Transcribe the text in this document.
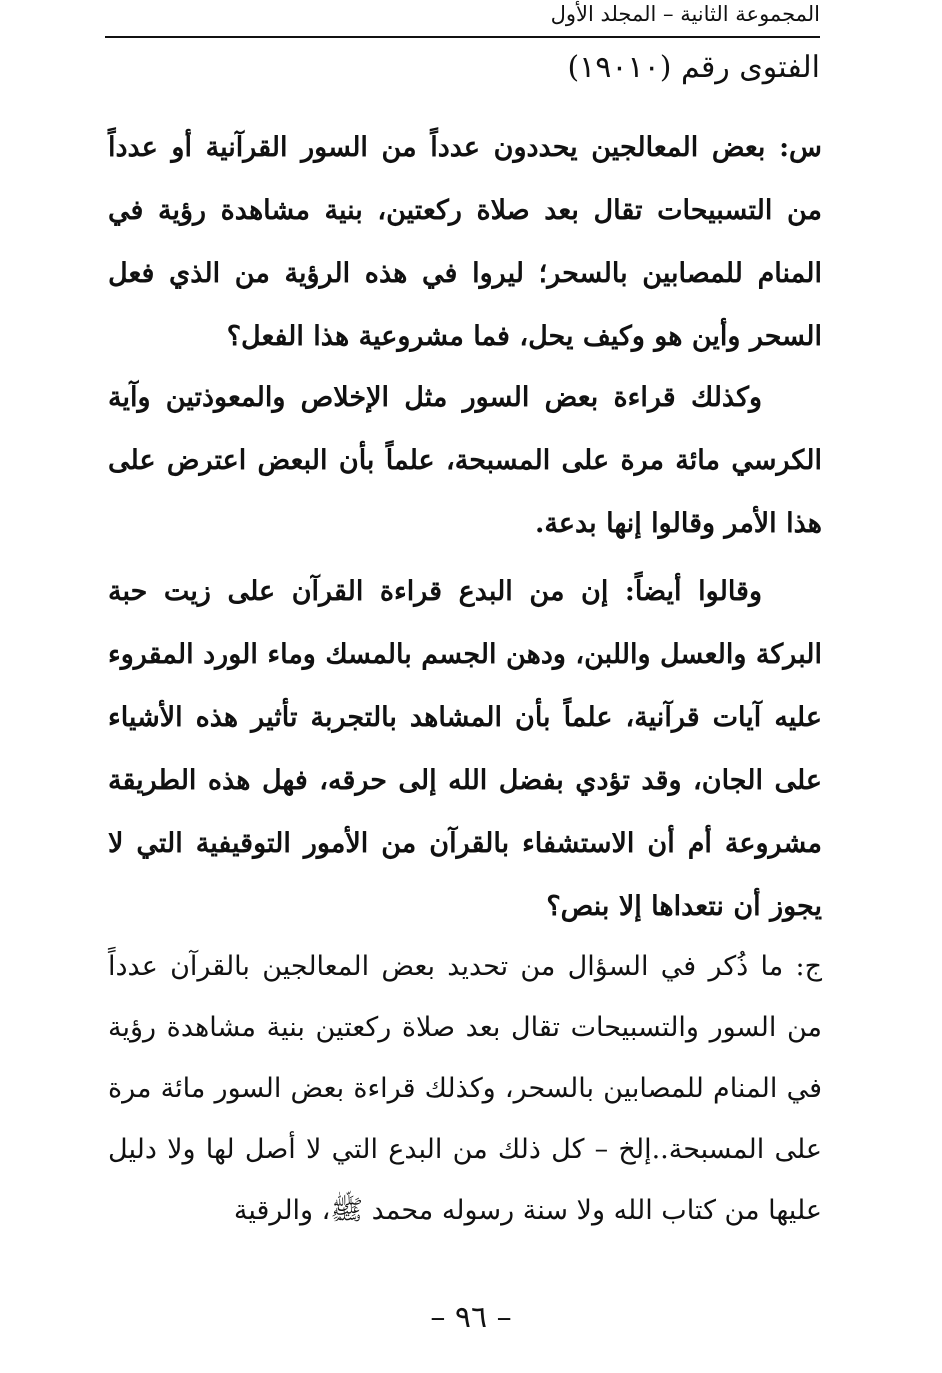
المجموعة الثانية – المجلد الأول
الفتوى رقم (١٩٠١٠)

س: بعض المعالجين يحددون عدداً من السور القرآنية أو عدداً من التسبيحات تقال بعد صلاة ركعتين، بنية مشاهدة رؤية في المنام للمصابين بالسحر؛ ليروا في هذه الرؤية من الذي فعل السحر وأين هو وكيف يحل، فما مشروعية هذا الفعل؟

وكذلك قراءة بعض السور مثل الإخلاص والمعوذتين وآية الكرسي مائة مرة على المسبحة، علماً بأن البعض اعترض على هذا الأمر وقالوا إنها بدعة.

وقالوا أيضاً: إن من البدع قراءة القرآن على زيت حبة البركة والعسل واللبن، ودهن الجسم بالمسك وماء الورد المقروء عليه آيات قرآنية، علماً بأن المشاهد بالتجربة تأثير هذه الأشياء على الجان، وقد تؤدي بفضل الله إلى حرقه، فهل هذه الطريقة مشروعة أم أن الاستشفاء بالقرآن من الأمور التوقيفية التي لا يجوز أن نتعداها إلا بنص؟

ج: ما ذُكر في السؤال من تحديد بعض المعالجين بالقرآن عدداً من السور والتسبيحات تقال بعد صلاة ركعتين بنية مشاهدة رؤية في المنام للمصابين بالسحر، وكذلك قراءة بعض السور مائة مرة على المسبحة..إلخ – كل ذلك من البدع التي لا أصل لها ولا دليل عليها من كتاب الله ولا سنة رسوله محمد ﷺ، والرقية

– ٩٦ –
